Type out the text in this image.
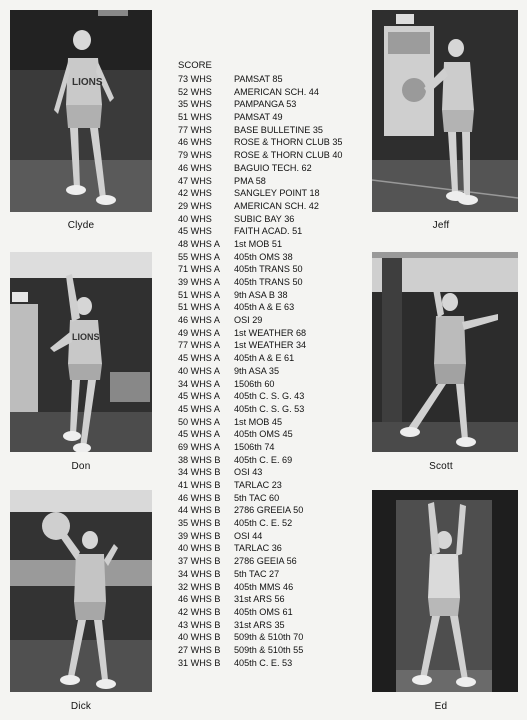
LIONS
Clyde	Jeff
LIONS
Don	Scott
Dick	Ed
SCORE
73 WHS	PAMSAT 85
52 WHS	AMERICAN SCH. 44
35 WHS	PAMPANGA 53
51 WHS	PAMSAT 49
77 WHS	BASE BULLETINE 35
46 WHS	ROSE & THORN CLUB 35
79 WHS	ROSE & THORN CLUB 40
46 WHS	BAGUIO TECH. 62
47 WHS	PMA 58
42 WHS	SANGLEY POINT 18
29 WHS	AMERICAN SCH. 42
40 WHS	SUBIC BAY 36
45 WHS	FAITH ACAD. 51
48 WHS A	1st MOB 51
55 WHS A	405th OMS 38
71 WHS A	405th TRANS 50
39 WHS A	405th TRANS 50
51 WHS A	9th ASA B 38
51 WHS A	405th A & E 63
46 WHS A	OSI 29
49 WHS A	1st WEATHER 68
77 WHS A	1st WEATHER 34
45 WHS A	405th A & E 61
40 WHS A	9th ASA 35
34 WHS A	1506th 60
45 WHS A	405th C. S. G. 43
45 WHS A	405th C. S. G. 53
50 WHS A	1st MOB 45
45 WHS A	405th OMS 45
69 WHS A	1506th 74
38 WHS B	405th C. E. 69
34 WHS B	OSI 43
41 WHS B	TARLAC 23
46 WHS B	5th TAC 60
44 WHS B	2786 GREEIA 50
35 WHS B	405th C. E. 52
39 WHS B	OSI 44
40 WHS B	TARLAC 36
37 WHS B	2786 GEEIA 56
34 WHS B	5th TAC 27
32 WHS B	405th MMS 46
46 WHS B	31st ARS 56
42 WHS B	405th OMS 61
43 WHS B	31st ARS 35
40 WHS B	509th & 510th 70
27 WHS B	509th & 510th 55
31 WHS B	405th C. E. 53
